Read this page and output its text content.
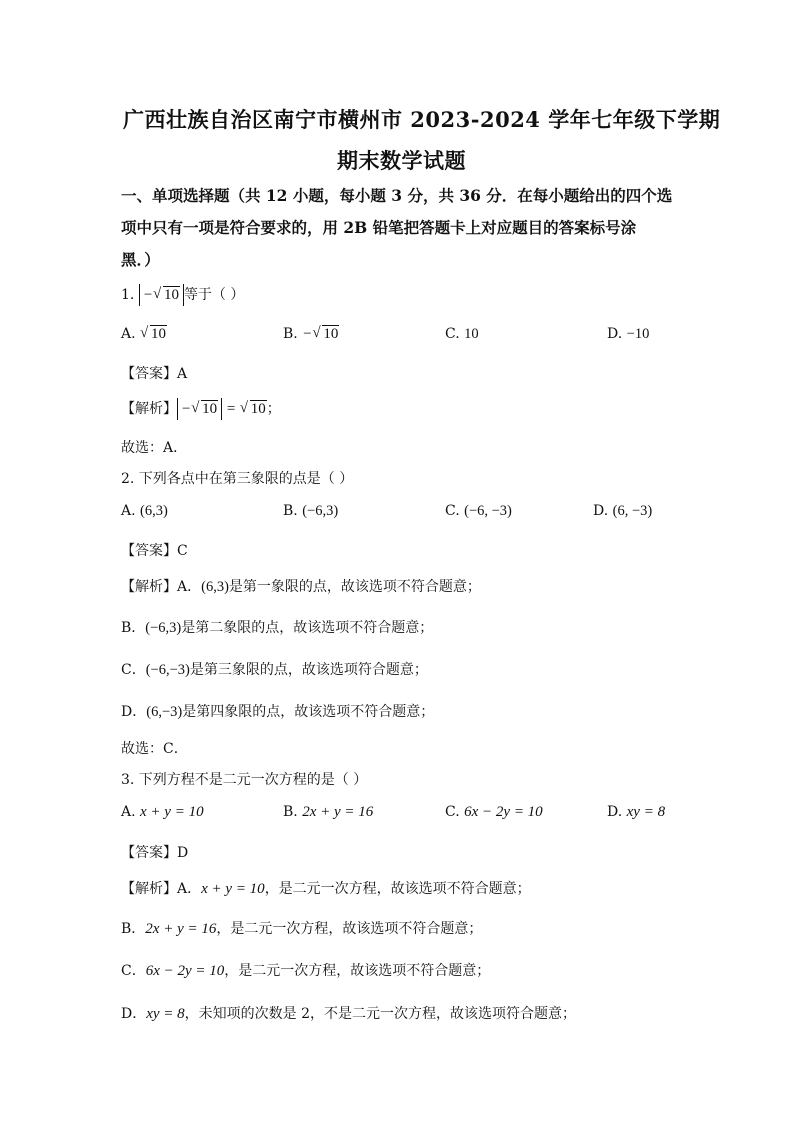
广西壮族自治区南宁市横州市 2023-2024 学年七年级下学期
期末数学试题
一、单项选择题（共 12 小题，每小题 3 分，共 36 分．在每小题给出的四个选
项中只有一项是符合要求的，用 2B 铅笔把答题卡上对应题目的答案标号涂
黑．）
1. − √ 10 等于（ ）
A. √ 10	B. − √ 10	C. 10	D. −10
【答案】A
【解析】 − √ 10 = √ 10；
故选：A．
2. 下列各点中在第三象限的点是（ ）
A. (6,3)	B. (−6,3)	C. (−6, −3)	D. (6, −3)
【答案】C
【解析】A．(6,3)是第一象限的点，故该选项不符合题意；
B．(−6,3)是第二象限的点，故该选项不符合题意；
C．(−6,−3)是第三象限的点，故该选项符合题意；
D．(6,−3)是第四象限的点，故该选项不符合题意；
故选：C．
3. 下列方程不是二元一次方程的是（ ）
A. x + y = 10	B. 2x + y = 16	C. 6x − 2y = 10	D. xy = 8
【答案】D
【解析】A．x + y = 10，是二元一次方程，故该选项不符合题意；
B．2x + y = 16，是二元一次方程，故该选项不符合题意；
C．6x − 2y = 10，是二元一次方程，故该选项不符合题意；
D．xy = 8，未知项的次数是 2，不是二元一次方程，故该选项符合题意；
